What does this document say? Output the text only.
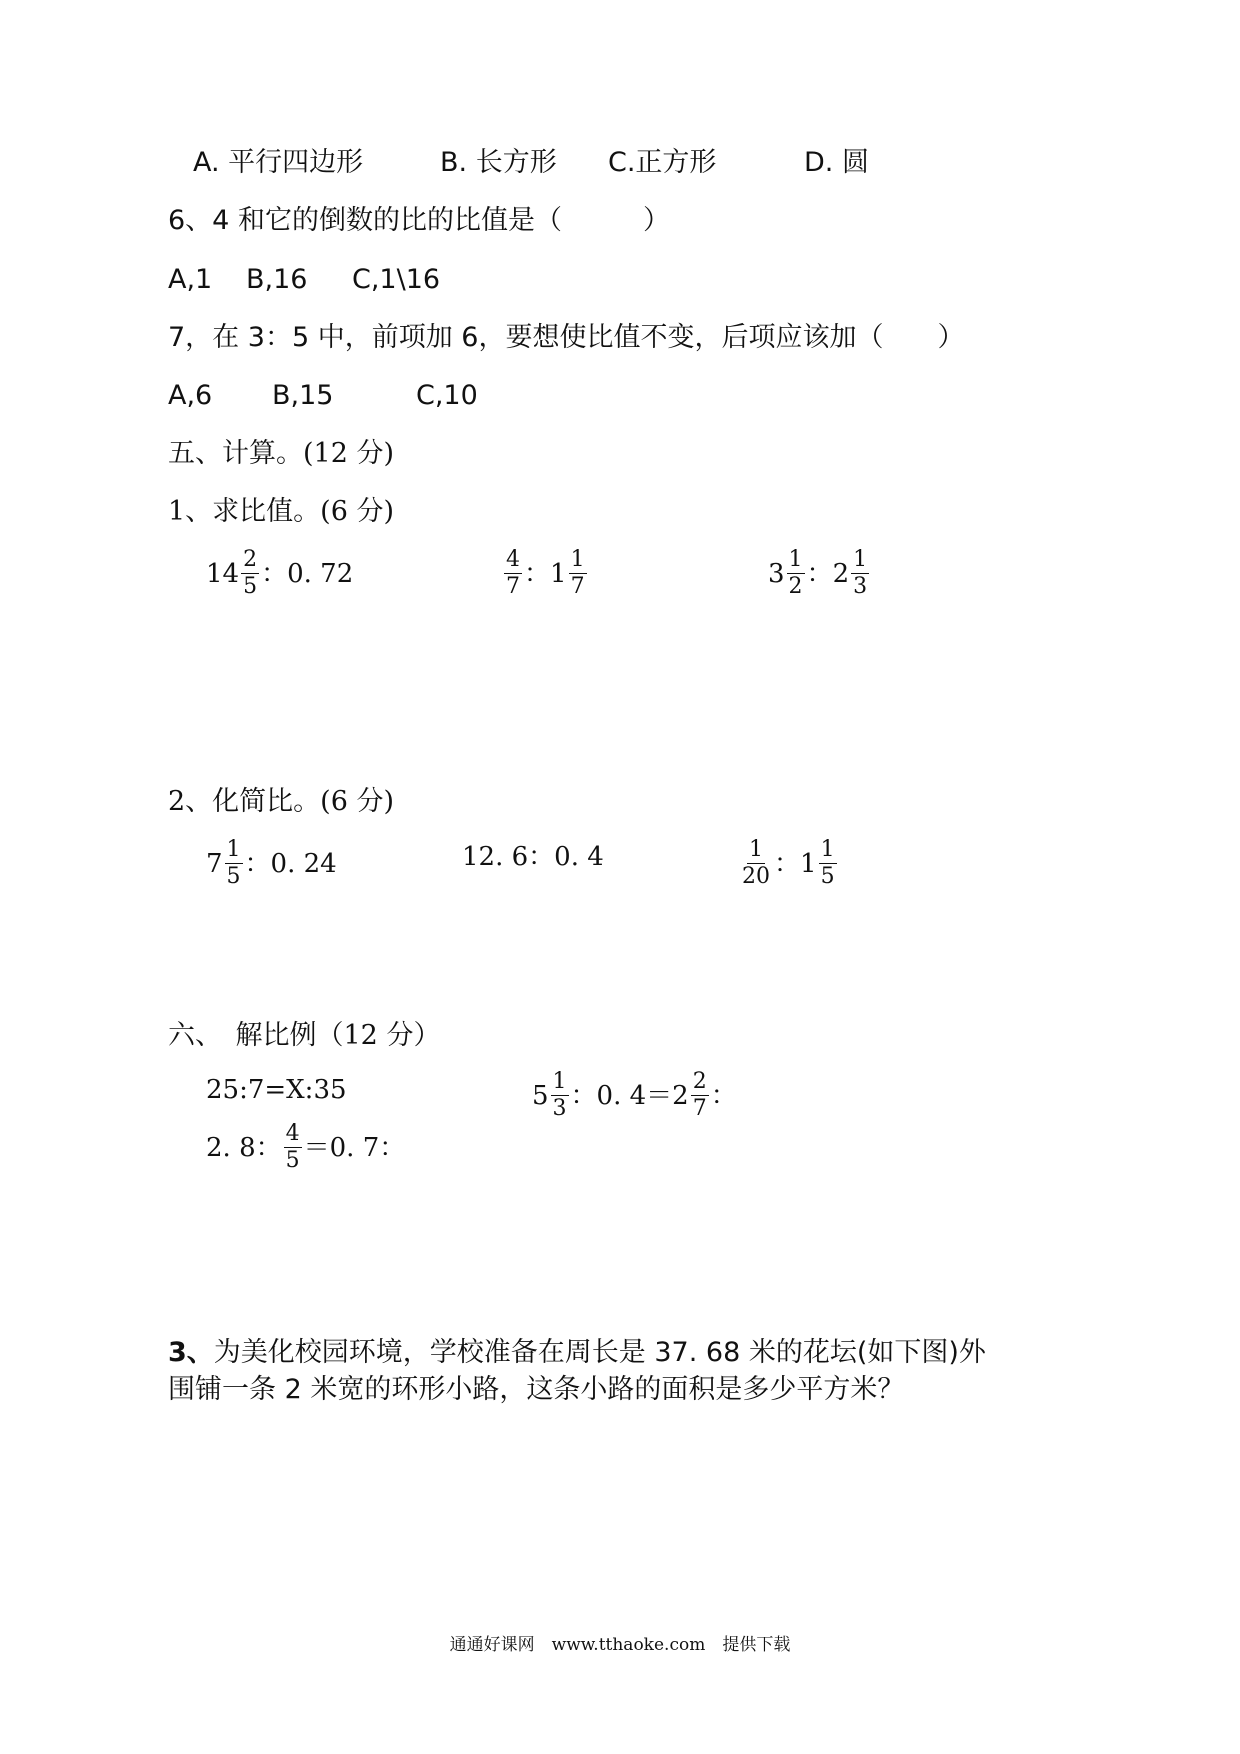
A. 平行四边形	B. 长方形 C.正方形	D. 圆
6、4 和它的倒数的比的比值是（　　　）
A,1 B,16 C,1\16
7，在 3：5 中，前项加 6，要想使比值不变，后项应该加（　　）
A,6 B,15	C,10
五、计算。(12 分)
1、求比值。(6 分)
$14 \frac{2}{5}$ ：0. 72	$\frac{4}{7}$ ： $1 \frac{1}{7}$	$3 \frac{1}{2}$ ： $2 \frac{1}{3}$
2、化简比。(6 分)
$7 \frac{1}{5}$ ：0. 24	12. 6：0. 4	$\frac{1}{20}$ ： $1 \frac{1}{5}$
六、　解比例（12 分）
25:7=X:35	$5 \frac{1}{3}$ ：0. $4=2 \frac{2}{7}$ ：
2. 8： $\frac{4}{5} =0$. 7：
3、为美化校园环境，学校准备在周长是 37. 68 米的花坛(如下图)外
围铺一条 2 米宽的环形小路，这条小路的面积是多少平方米？
通通好课网　www.tthaoke.com　提供下载
